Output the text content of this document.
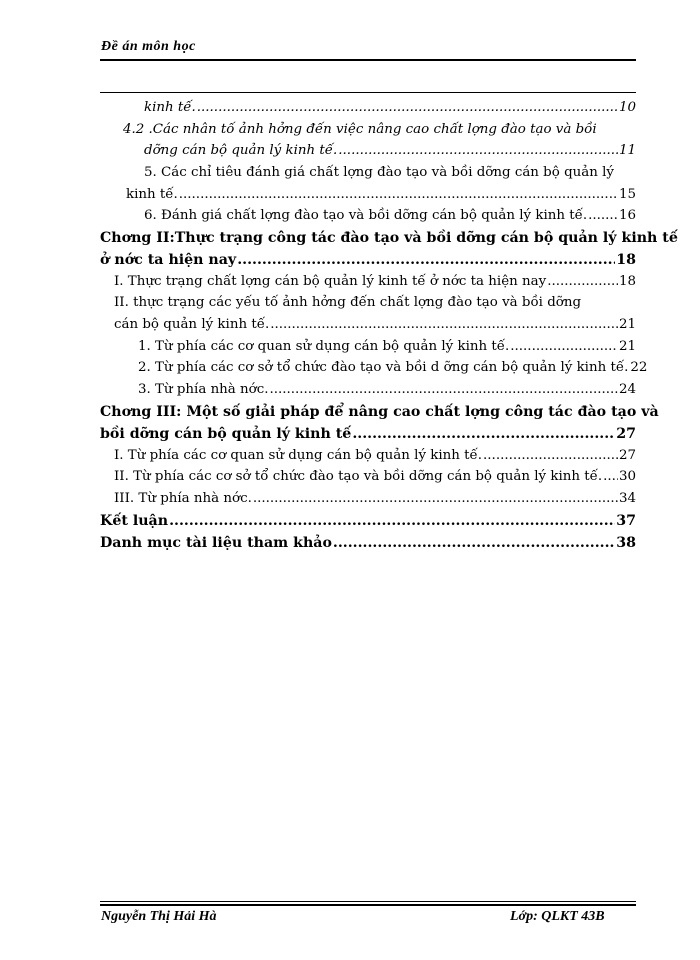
Đề án môn học
kinh tế. .....	10
4.2 .Các nhân tố ảnh hởng đến việc nâng cao chất lợng đào tạo và bồi
dỡng cán bộ quản lý kinh tế. .....	11
5. Các chỉ tiêu đánh giá chất lợng đào tạo và bồi dỡng cán bộ quản lý
kinh tế. .....	15
6. Đánh giá chất lợng đào tạo và bồi dỡng cán bộ quản lý kinh tế. ..... 16
Chơng II:Thực trạng công tác đào tạo và bồi dỡng cán bộ quản lý kinh tế
ở nớc ta hiện nay .....	18
I. Thực trạng chất lợng cán bộ quản lý kinh tế ở nớc ta hiện nay .....	18
II. thực trạng các yếu tố ảnh hởng đến chất lợng đào tạo và bồi dỡng
cán bộ quản lý kinh tế. .....	21
1. Từ phía các cơ quan sử dụng cán bộ quản lý kinh tế. .....	21
2. Từ phía các cơ sở tổ chức đào tạo và bồi d ỡng cán bộ quản lý kinh tế. 22
3. Từ phía nhà nớc. .....	24
Chơng III: Một số giải pháp để nâng cao chất lợng công tác đào tạo và
bồi dỡng cán bộ quản lý kinh tế .....	27
I. Từ phía các cơ quan sử dụng cán bộ quản lý kinh tế. .....	27
II. Từ phía các cơ sở tổ chức đào tạo và bồi dỡng cán bộ quản lý kinh tế. ..... 30
III. Từ phía nhà nớc. .....	34
Kết luận .....	37
Danh mục tài liệu tham khảo .....	38
Nguyễn Thị Hải Hà	Lớp: QLKT 43B
